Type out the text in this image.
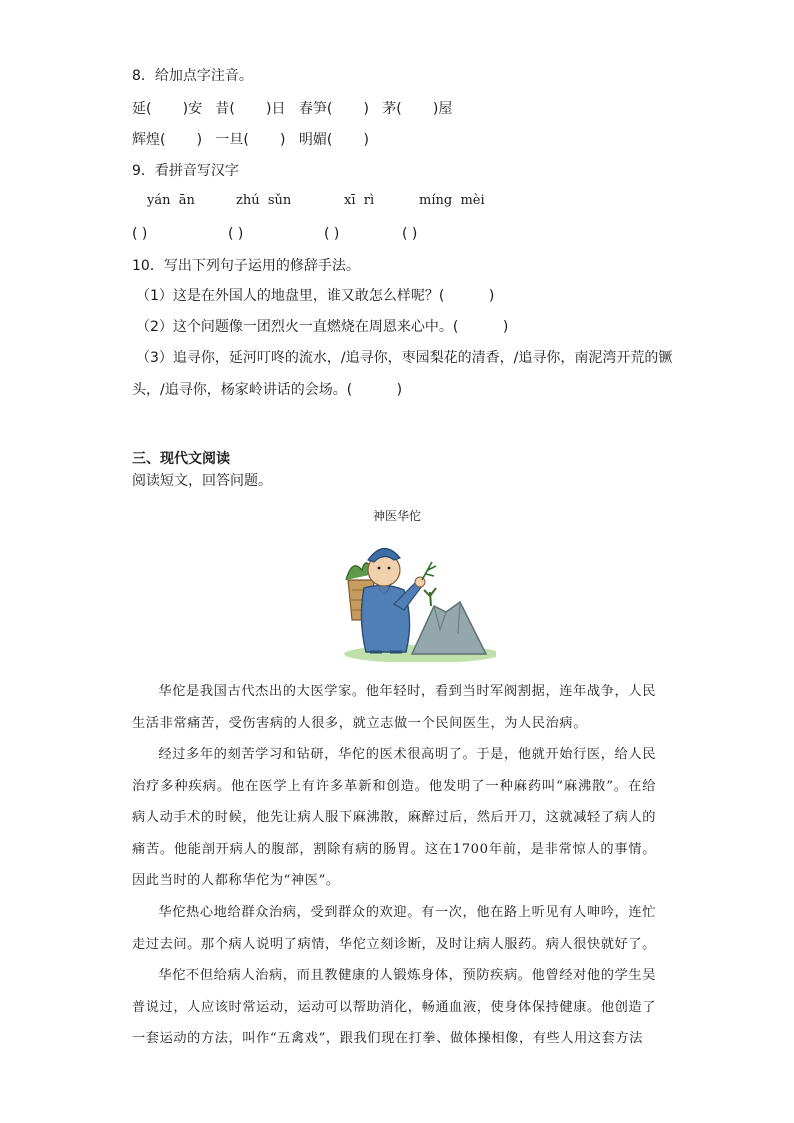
8．给加点字注音。
延(       )安   昔(       )日   春笋(       )   茅(       )屋
辉煌(       )   一旦(       )   明媚(       )
9．看拼音写汉字
yán  ān	zhú  sǔn	xī  rì	míng  mèi
( )	( )	( )	( )
10．写出下列句子运用的修辞手法。
（1）这是在外国人的地盘里，谁又敢怎么样呢？(          )
（2）这个问题像一团烈火一直燃烧在周恩来心中。(          )
（3）追寻你，延河叮咚的流水，/追寻你，枣园梨花的清香，/追寻你，南泥湾开荒的镢
头，/追寻你，杨家岭讲话的会场。(          )
三、现代文阅读
阅读短文，回答问题。
神医华佗
华佗是我国古代杰出的大医学家。他年轻时，看到当时军阀割据，连年战争，人民生活非常痛苦，受伤害病的人很多，就立志做一个民间医生，为人民治病。
经过多年的刻苦学习和钻研，华佗的医术很高明了。于是，他就开始行医，给人民治疗多种疾病。他在医学上有许多革新和创造。他发明了一种麻药叫“麻沸散”。在给病人动手术的时候，他先让病人服下麻沸散，麻醉过后，然后开刀，这就减轻了病人的痛苦。他能剖开病人的腹部，割除有病的肠胃。这在1700年前，是非常惊人的事情。因此当时的人都称华佗为“神医”。
华佗热心地给群众治病，受到群众的欢迎。有一次，他在路上听见有人呻吟，连忙走过去问。那个病人说明了病情，华佗立刻诊断，及时让病人服药。病人很快就好了。
华佗不但给病人治病，而且教健康的人锻炼身体，预防疾病。他曾经对他的学生吴普说过，人应该时常运动，运动可以帮助消化，畅通血液，使身体保持健康。他创造了一套运动的方法，叫作“五禽戏”，跟我们现在打拳、做体操相像，有些人用这套方法
